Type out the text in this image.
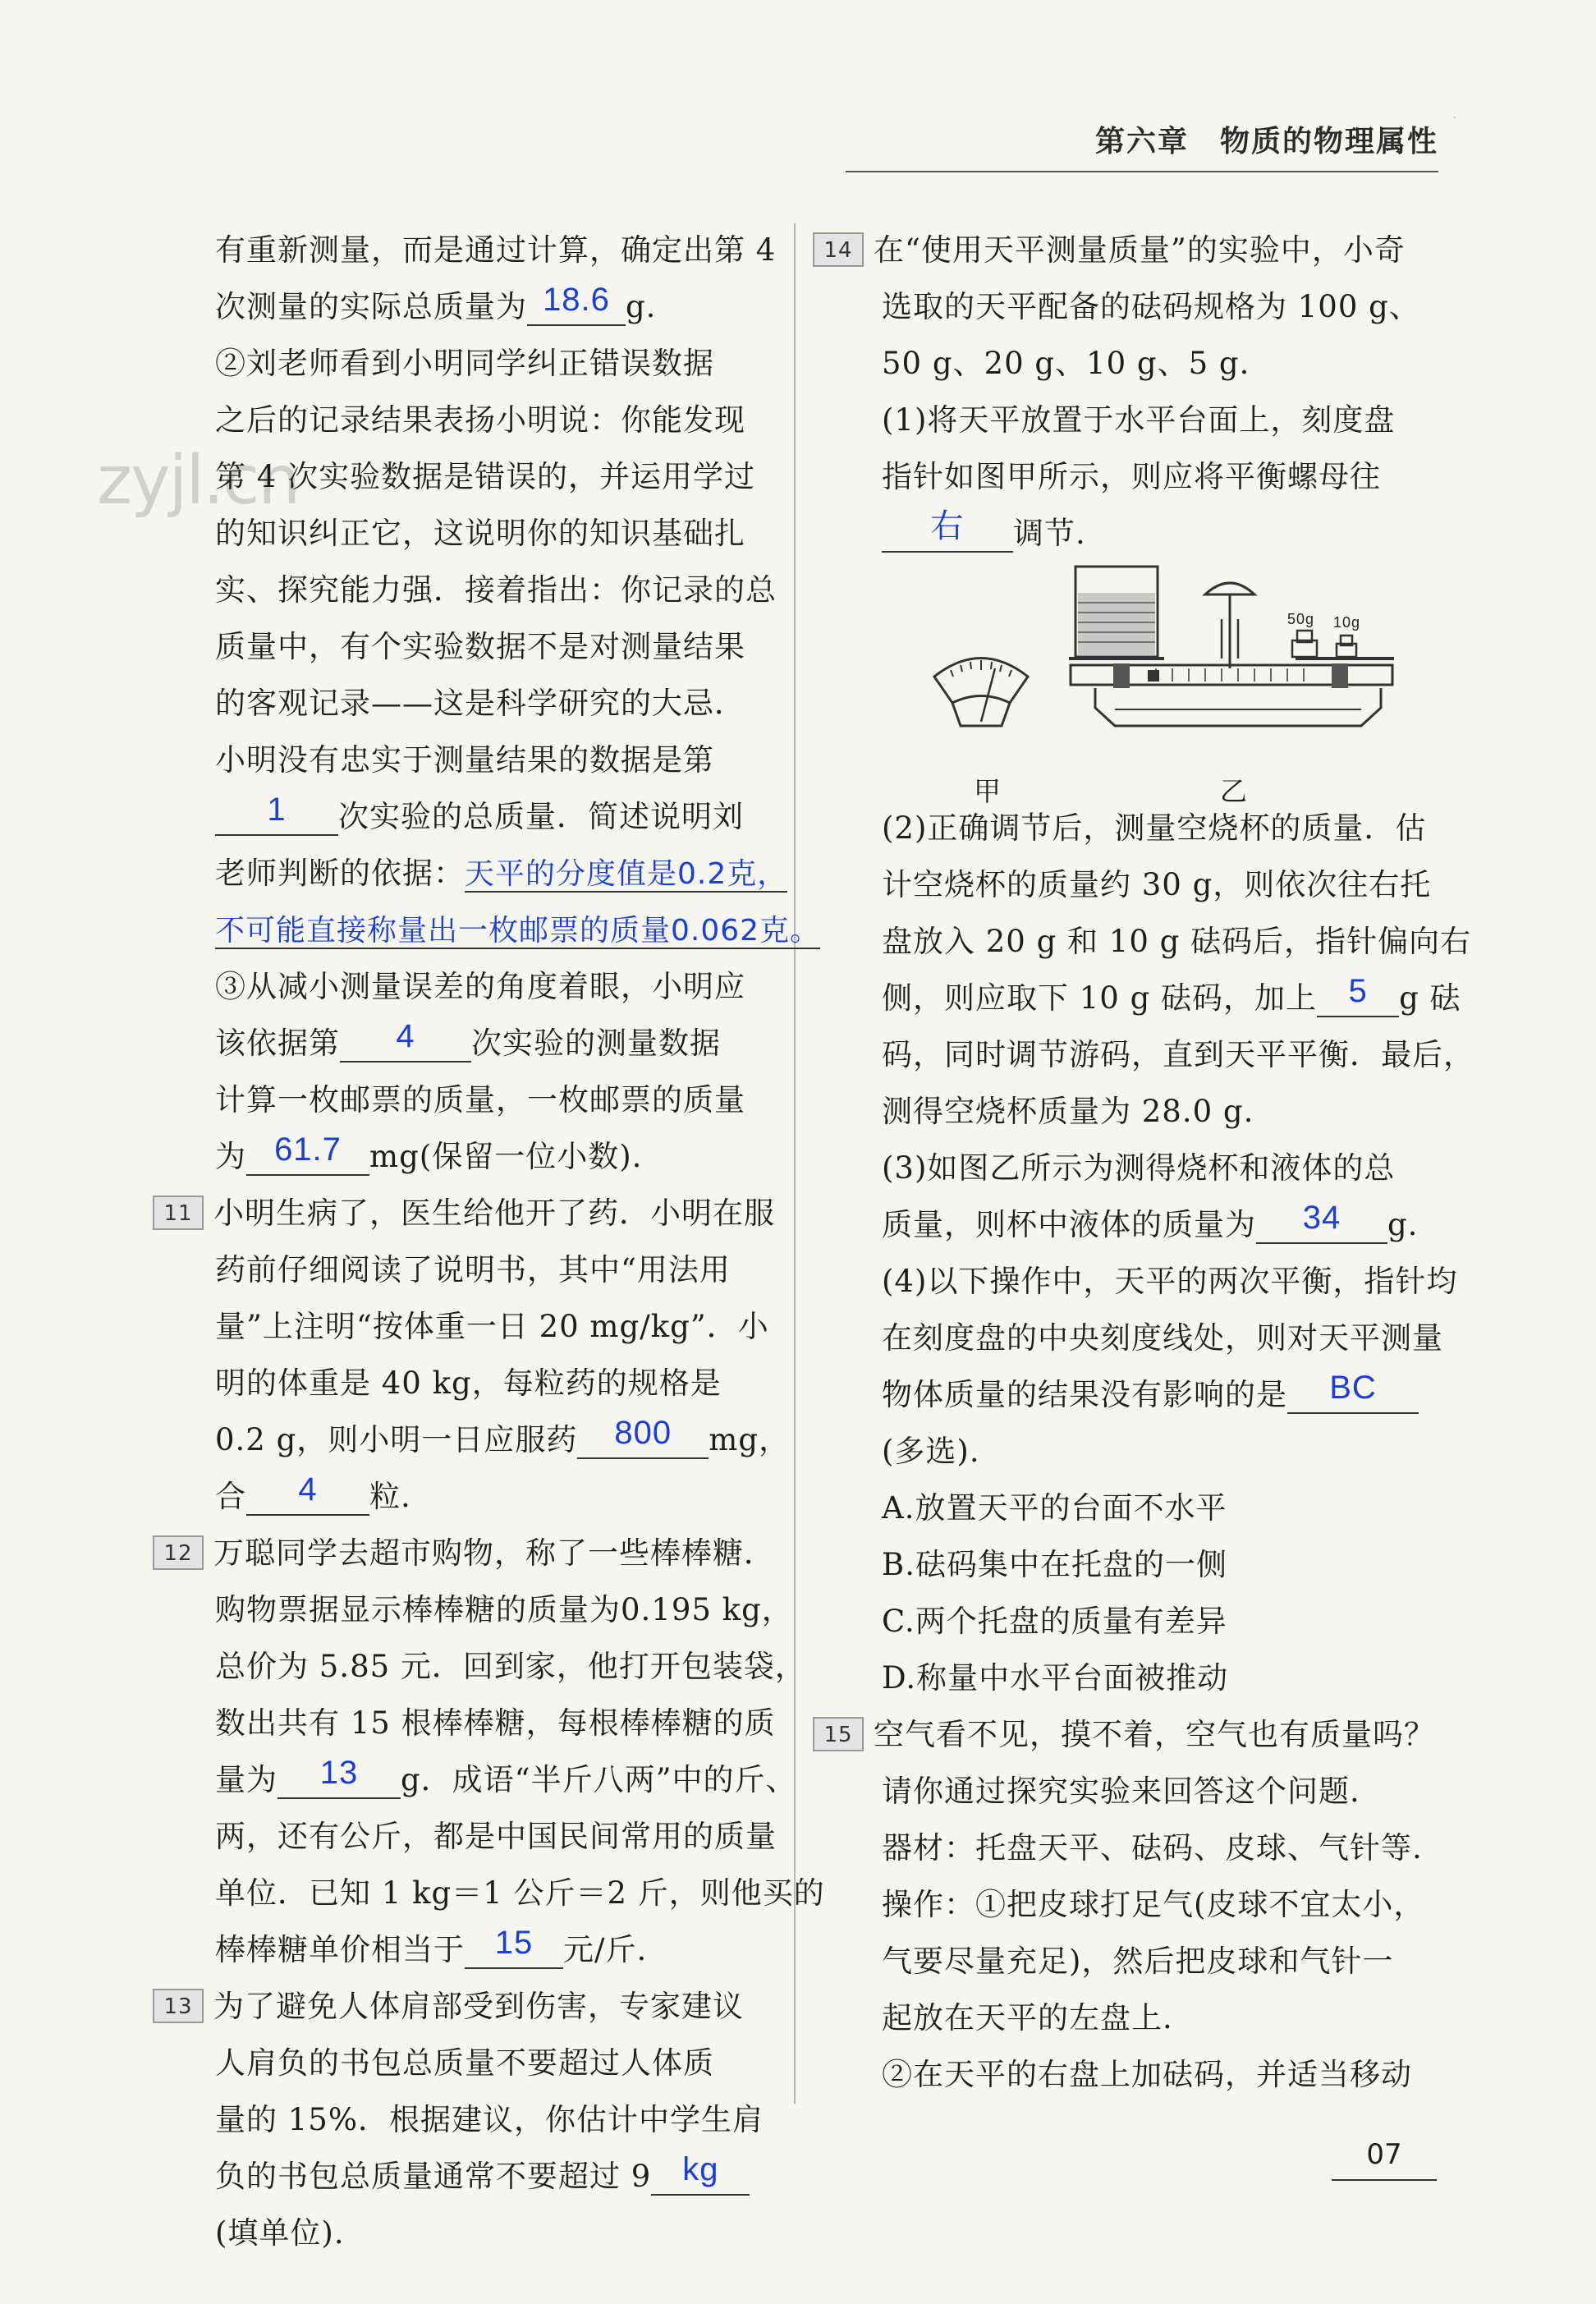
第六章　物质的物理属性
·
zyjl.cn
有重新测量，而是通过计算，确定出第 4
次测量的实际总质量为 18.6 g.
②刘老师看到小明同学纠正错误数据
之后的记录结果表扬小明说：你能发现
第 4 次实验数据是错误的，并运用学过
的知识纠正它，这说明你的知识基础扎
实、探究能力强．接着指出：你记录的总
质量中，有个实验数据不是对测量结果
的客观记录——这是科学研究的大忌．
小明没有忠实于测量结果的数据是第
1 次实验的总质量．简述说明刘
老师判断的依据：天平的分度值是0.2克，
不可能直接称量出一枚邮票的质量0.062克。
③从减小测量误差的角度着眼，小明应
该依据第 4 次实验的测量数据
计算一枚邮票的质量，一枚邮票的质量
为 61.7 mg(保留一位小数).
11 小明生病了，医生给他开了药．小明在服
药前仔细阅读了说明书，其中“用法用
量”上注明“按体重一日 20 mg/kg”．小
明的体重是 40 kg，每粒药的规格是
0.2 g，则小明一日应服药 800 mg，
合 4 粒.
12 万聪同学去超市购物，称了一些棒棒糖．
购物票据显示棒棒糖的质量为0.195 kg，
总价为 5.85 元．回到家，他打开包装袋，
数出共有 15 根棒棒糖，每根棒棒糖的质
量为 13 g．成语“半斤八两”中的斤、
两，还有公斤，都是中国民间常用的质量
单位．已知 1 kg＝1 公斤＝2 斤，则他买的
棒棒糖单价相当于 15 元/斤.
13 为了避免人体肩部受到伤害，专家建议
人肩负的书包总质量不要超过人体质
量的 15%．根据建议，你估计中学生肩
负的书包总质量通常不要超过 9 kg
(填单位).
14 在“使用天平测量质量”的实验中，小奇
选取的天平配备的砝码规格为 100 g、
50 g、20 g、10 g、5 g.
(1)将天平放置于水平台面上，刻度盘
指针如图甲所示，则应将平衡螺母往
右 调节.
甲
50g 10g
乙
(2)正确调节后，测量空烧杯的质量．估
计空烧杯的质量约 30 g，则依次往右托
盘放入 20 g 和 10 g 砝码后，指针偏向右
侧，则应取下 10 g 砝码，加上 5 g 砝
码，同时调节游码，直到天平平衡．最后，
测得空烧杯质量为 28.0 g.
(3)如图乙所示为测得烧杯和液体的总
质量，则杯中液体的质量为 34 g.
(4)以下操作中，天平的两次平衡，指针均
在刻度盘的中央刻度线处，则对天平测量
物体质量的结果没有影响的是 BC
(多选).
A.放置天平的台面不水平
B.砝码集中在托盘的一侧
C.两个托盘的质量有差异
D.称量中水平台面被推动
15 空气看不见，摸不着，空气也有质量吗？
请你通过探究实验来回答这个问题.
器材：托盘天平、砝码、皮球、气针等.
操作：①把皮球打足气(皮球不宜太小，
气要尽量充足)，然后把皮球和气针一
起放在天平的左盘上.
②在天平的右盘上加砝码，并适当移动
07
